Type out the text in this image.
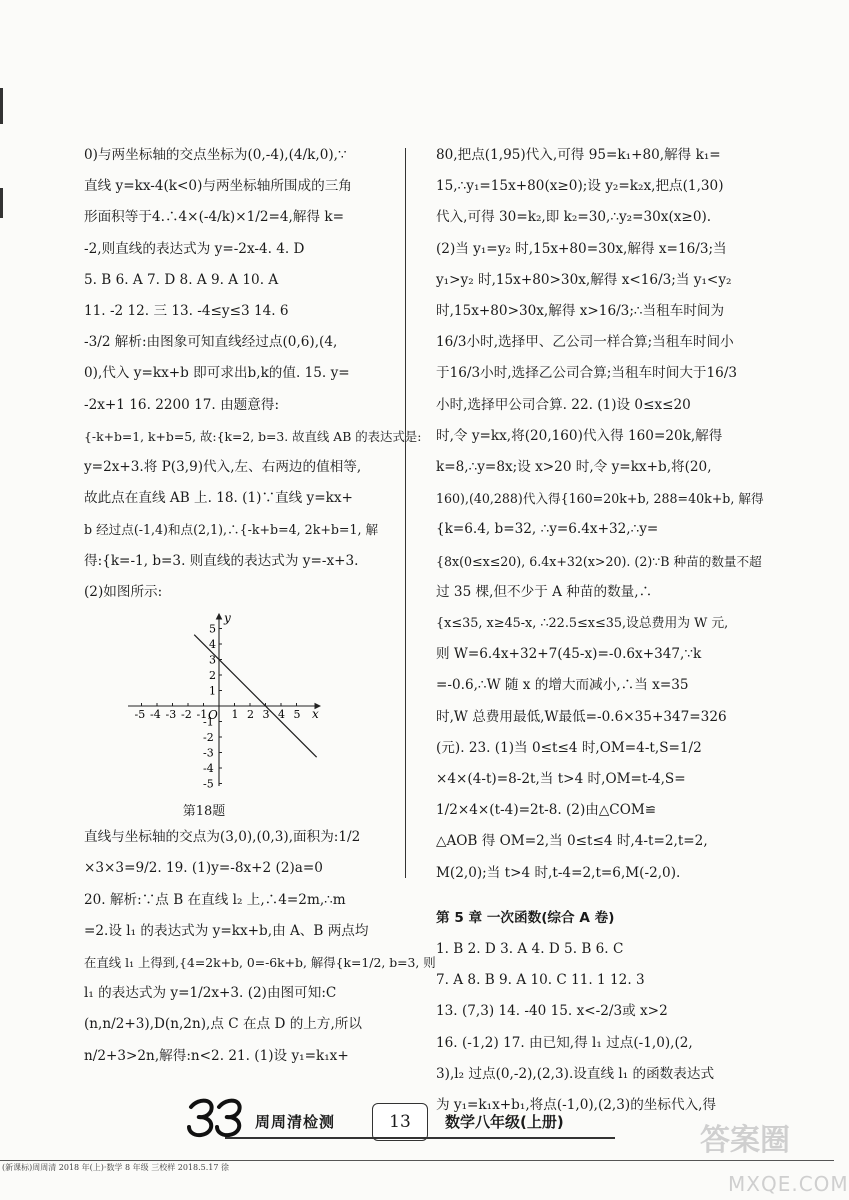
0)与两坐标轴的交点坐标为(0,-4),(4/k,0),∵

直线 y=kx-4(k<0)与两坐标轴所围成的三角

形面积等于4.∴4×(-4/k)×1/2=4,解得 k=

-2,则直线的表达式为 y=-2x-4. 4. D

5. B 6. A 7. D 8. A 9. A 10. A

11. -2 12. 三 13. -4≤y≤3 14. 6

-3/2 解析:由图象可知直线经过点(0,6),(4,

0),代入 y=kx+b 即可求出b,k的值. 15. y=

-2x+1 16. 2200 17. 由题意得:

{-k+b=1, k+b=5, 故:{k=2, b=3. 故直线 AB 的表达式是:

y=2x+3.将 P(3,9)代入,左、右两边的值相等,

故此点在直线 AB 上. 18. (1)∵直线 y=kx+

b 经过点(-1,4)和点(2,1),∴{-k+b=4, 2k+b=1, 解

得:{k=-1, b=3. 则直线的表达式为 y=-x+3.

(2)如图所示:

-5 -4 -3 -2 -1 1 2 3 4 5
5
4
3
2
1
-1
-2
-3
-4
-5
y
x
O
第18题

直线与坐标轴的交点为(3,0),(0,3),面积为:1/2

×3×3=9/2. 19. (1)y=-8x+2 (2)a=0

20. 解析:∵点 B 在直线 l₂ 上,∴4=2m,∴m

=2.设 l₁ 的表达式为 y=kx+b,由 A、B 两点均

在直线 l₁ 上得到,{4=2k+b, 0=-6k+b, 解得{k=1/2, b=3, 则

l₁ 的表达式为 y=1/2x+3. (2)由图可知:C

(n,n/2+3),D(n,2n),点 C 在点 D 的上方,所以

n/2+3>2n,解得:n<2. 21. (1)设 y₁=k₁x+

80,把点(1,95)代入,可得 95=k₁+80,解得 k₁=

15,∴y₁=15x+80(x≥0);设 y₂=k₂x,把点(1,30)

代入,可得 30=k₂,即 k₂=30,∴y₂=30x(x≥0).

(2)当 y₁=y₂ 时,15x+80=30x,解得 x=16/3;当

y₁>y₂ 时,15x+80>30x,解得 x<16/3;当 y₁<y₂

时,15x+80>30x,解得 x>16/3;∴当租车时间为

16/3小时,选择甲、乙公司一样合算;当租车时间小

于16/3小时,选择乙公司合算;当租车时间大于16/3

小时,选择甲公司合算. 22. (1)设 0≤x≤20

时,令 y=kx,将(20,160)代入得 160=20k,解得

k=8,∴y=8x;设 x>20 时,令 y=kx+b,将(20,

160),(40,288)代入得{160=20k+b, 288=40k+b, 解得

{k=6.4, b=32, ∴y=6.4x+32,∴y=

{8x(0≤x≤20), 6.4x+32(x>20). (2)∵B 种苗的数量不超

过 35 棵,但不少于 A 种苗的数量,∴

{x≤35, x≥45-x, ∴22.5≤x≤35,设总费用为 W 元,

则 W=6.4x+32+7(45-x)=-0.6x+347,∵k

=-0.6,∴W 随 x 的增大而减小,∴当 x=35

时,W 总费用最低,W最低=-0.6×35+347=326

(元). 23. (1)当 0≤t≤4 时,OM=4-t,S=1/2

×4×(4-t)=8-2t,当 t>4 时,OM=t-4,S=

1/2×4×(t-4)=2t-8. (2)由△COM≌

△AOB 得 OM=2,当 0≤t≤4 时,4-t=2,t=2,

M(2,0);当 t>4 时,t-4=2,t=6,M(-2,0).

第 5 章 一次函数(综合 A 卷)

1. B 2. D 3. A 4. D 5. B 6. C

7. A 8. B 9. A 10. C 11. 1 12. 3

13. (7,3) 14. -40 15. x<-2/3或 x>2

16. (-1,2) 17. 由已知,得 l₁ 过点(-1,0),(2,

3),l₂ 过点(0,-2),(2,3).设直线 l₁ 的函数表达式

为 y₁=k₁x+b₁,将点(-1,0),(2,3)的坐标代入,得

周周清检测	13	数学八年级(上册)
答案圈
MXQE.COM
(新课标)周周清 2018 年(上)·数学 8 年级 三校样 2018.5.17 徐
